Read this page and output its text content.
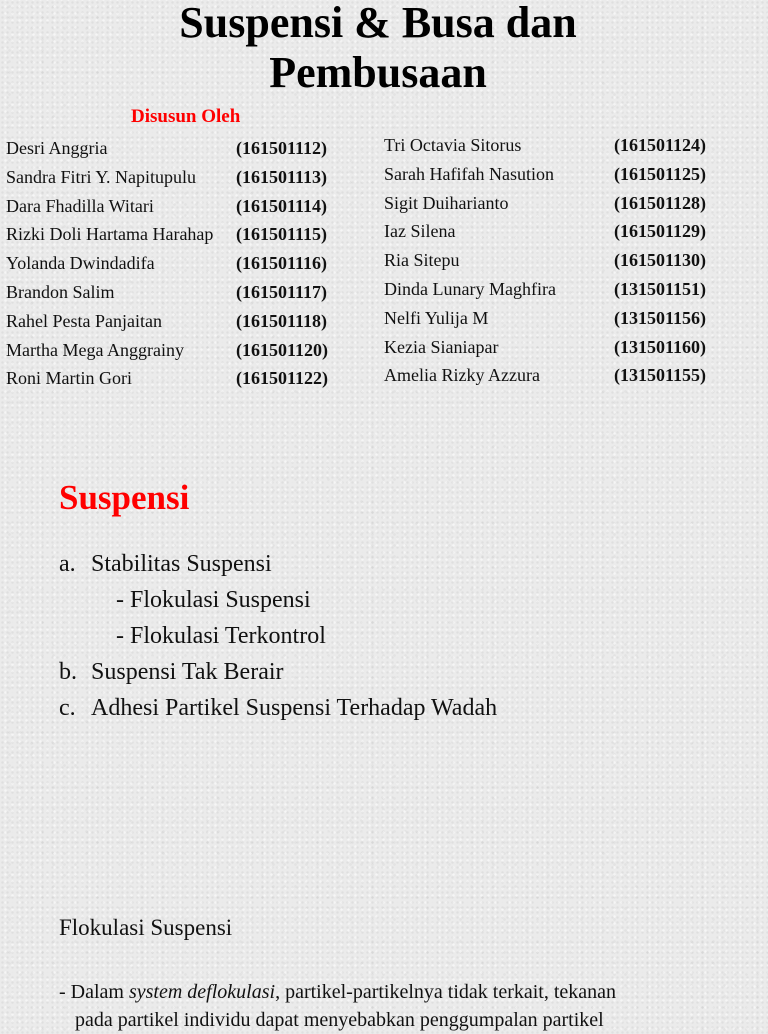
Suspensi & Busa dan
Pembusaan
Disusun Oleh
Desri Anggria	(161501112)
Sandra Fitri Y. Napitupulu (161501113)
Dara Fhadilla Witari	(161501114)
Rizki Doli Hartama Harahap (161501115)
Yolanda Dwindadifa	(161501116)
Brandon Salim	(161501117)
Rahel Pesta Panjaitan	(161501118)
Martha Mega Anggrainy	(161501120)
Roni Martin Gori	(161501122)
Tri Octavia Sitorus	(161501124)
Sarah Hafifah Nasution	(161501125)
Sigit Duiharianto	(161501128)
Iaz Silena	(161501129)
Ria Sitepu	(161501130)
Dinda Lunary Maghfira	(131501151)
Nelfi Yulija M	(131501156)
Kezia Sianiapar	(131501160)
Amelia Rizky Azzura	(131501155)
Suspensi
a. Stabilitas Suspensi
- Flokulasi Suspensi
- Flokulasi Terkontrol
b. Suspensi Tak Berair
c. Adhesi Partikel Suspensi Terhadap Wadah
Flokulasi Suspensi
- Dalam system deflokulasi, partikel-partikelnya tidak terkait, tekanan
pada partikel individu dapat menyebabkan penggumpalan partikel
